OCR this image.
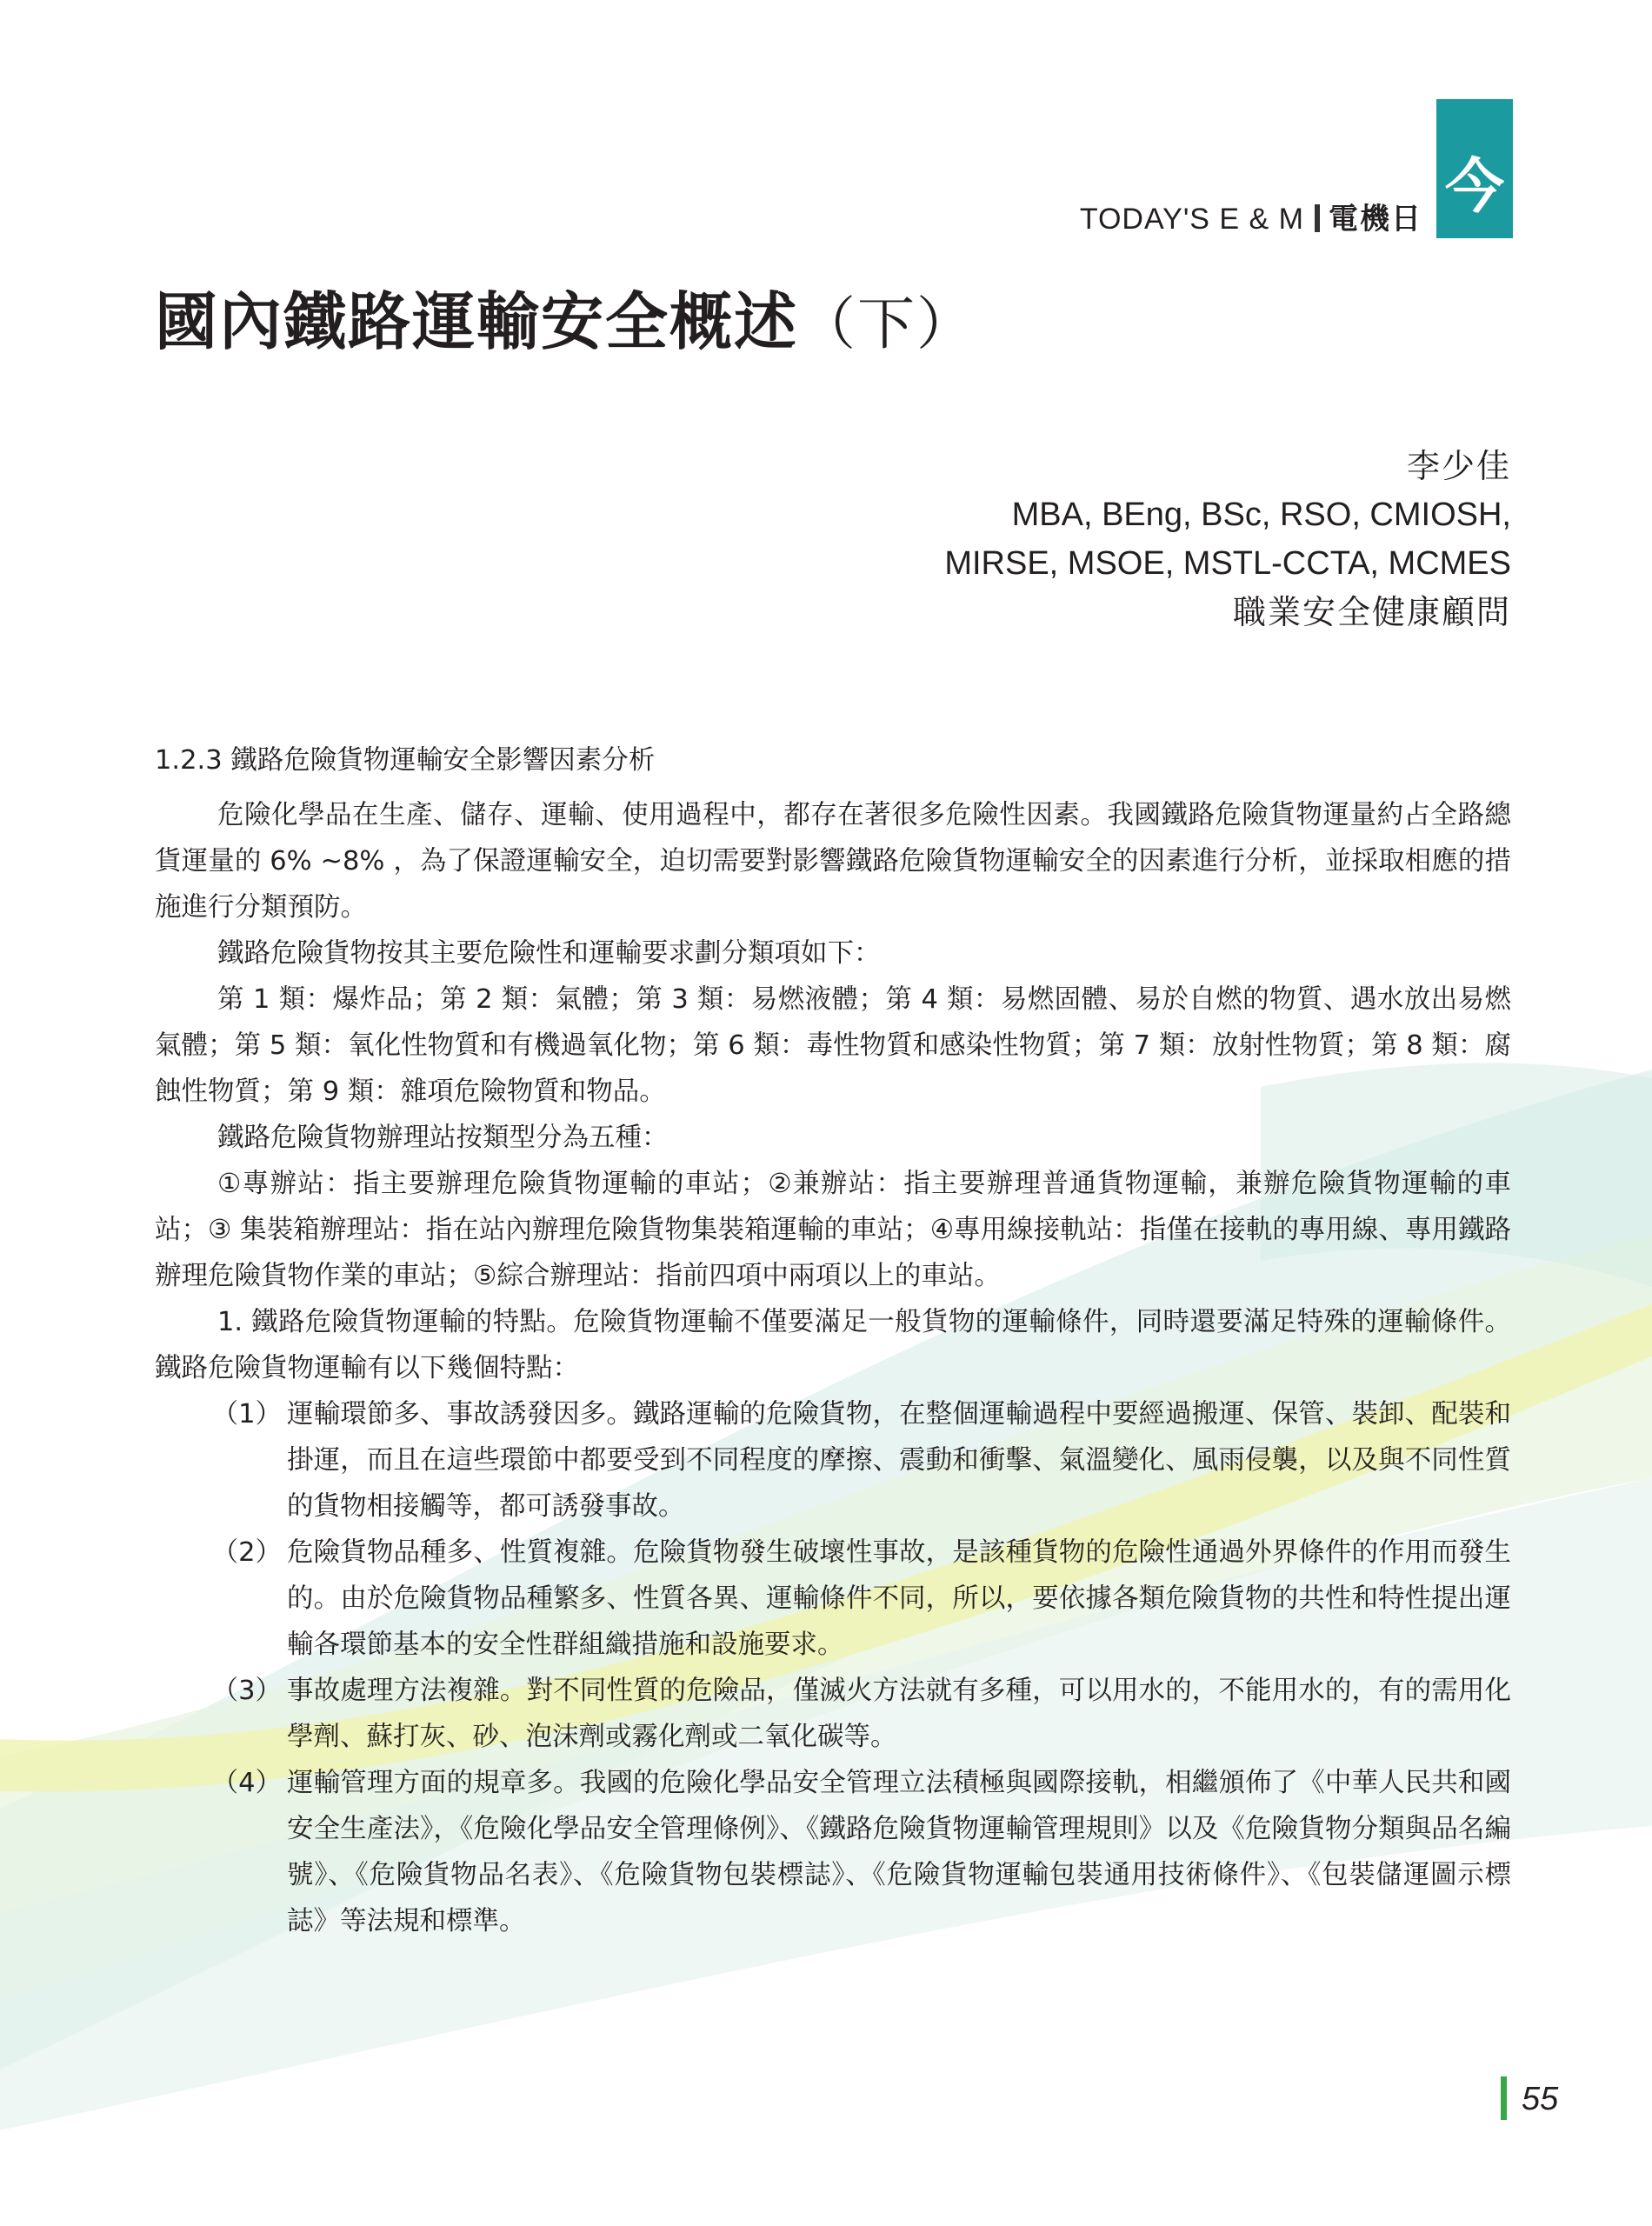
今
TODAY'S E & M 電機日
國內鐵路運輸安全概述（下）
李少佳
MBA, BEng, BSc, RSO, CMIOSH,
MIRSE, MSOE, MSTL-CCTA, MCMES
職業安全健康顧問
1.2.3 鐵路危險貨物運輸安全影響因素分析

危險化學品在生產、儲存、運輸、使用過程中，都存在著很多危險性因素。我國鐵路危險貨物運量約占全路總貨運量的 6% ~8% ，為了保證運輸安全，迫切需要對影響鐵路危險貨物運輸安全的因素進行分析，並採取相應的措施進行分類預防。

鐵路危險貨物按其主要危險性和運輸要求劃分類項如下：

第 1 類：爆炸品；第 2 類：氣體；第 3 類：易燃液體；第 4 類：易燃固體、易於自燃的物質、遇水放出易燃氣體；第 5 類：氧化性物質和有機過氧化物；第 6 類：毒性物質和感染性物質；第 7 類：放射性物質；第 8 類：腐蝕性物質；第 9 類：雜項危險物質和物品。

鐵路危險貨物辦理站按類型分為五種：

①專辦站：指主要辦理危險貨物運輸的車站；②兼辦站：指主要辦理普通貨物運輸，兼辦危險貨物運輸的車站；③ 集裝箱辦理站：指在站內辦理危險貨物集裝箱運輸的車站；④專用線接軌站：指僅在接軌的專用線、專用鐵路辦理危險貨物作業的車站；⑤綜合辦理站：指前四項中兩項以上的車站。

1. 鐵路危險貨物運輸的特點。危險貨物運輸不僅要滿足一般貨物的運輸條件，同時還要滿足特殊的運輸條件。鐵路危險貨物運輸有以下幾個特點：

（1） 運輸環節多、事故誘發因多。鐵路運輸的危險貨物，在整個運輸過程中要經過搬運、保管、裝卸、配裝和掛運，而且在這些環節中都要受到不同程度的摩擦、震動和衝擊、氣溫變化、風雨侵襲，以及與不同性質的貨物相接觸等，都可誘發事故。
（2） 危險貨物品種多、性質複雜。危險貨物發生破壞性事故，是該種貨物的危險性通過外界條件的作用而發生的。由於危險貨物品種繁多、性質各異、運輸條件不同，所以，要依據各類危險貨物的共性和特性提出運輸各環節基本的安全性群組織措施和設施要求。
（3） 事故處理方法複雜。對不同性質的危險品，僅滅火方法就有多種，可以用水的，不能用水的，有的需用化學劑、蘇打灰、砂、泡沫劑或霧化劑或二氧化碳等。
（4） 運輸管理方面的規章多。我國的危險化學品安全管理立法積極與國際接軌，相繼頒佈了《中華人民共和國安全生產法》，《危險化學品安全管理條例》、《鐵路危險貨物運輸管理規則》以及《危險貨物分類與品名編號》、《危險貨物品名表》、《危險貨物包裝標誌》、《危險貨物運輸包裝通用技術條件》、《包裝儲運圖示標誌》等法規和標準。
55
